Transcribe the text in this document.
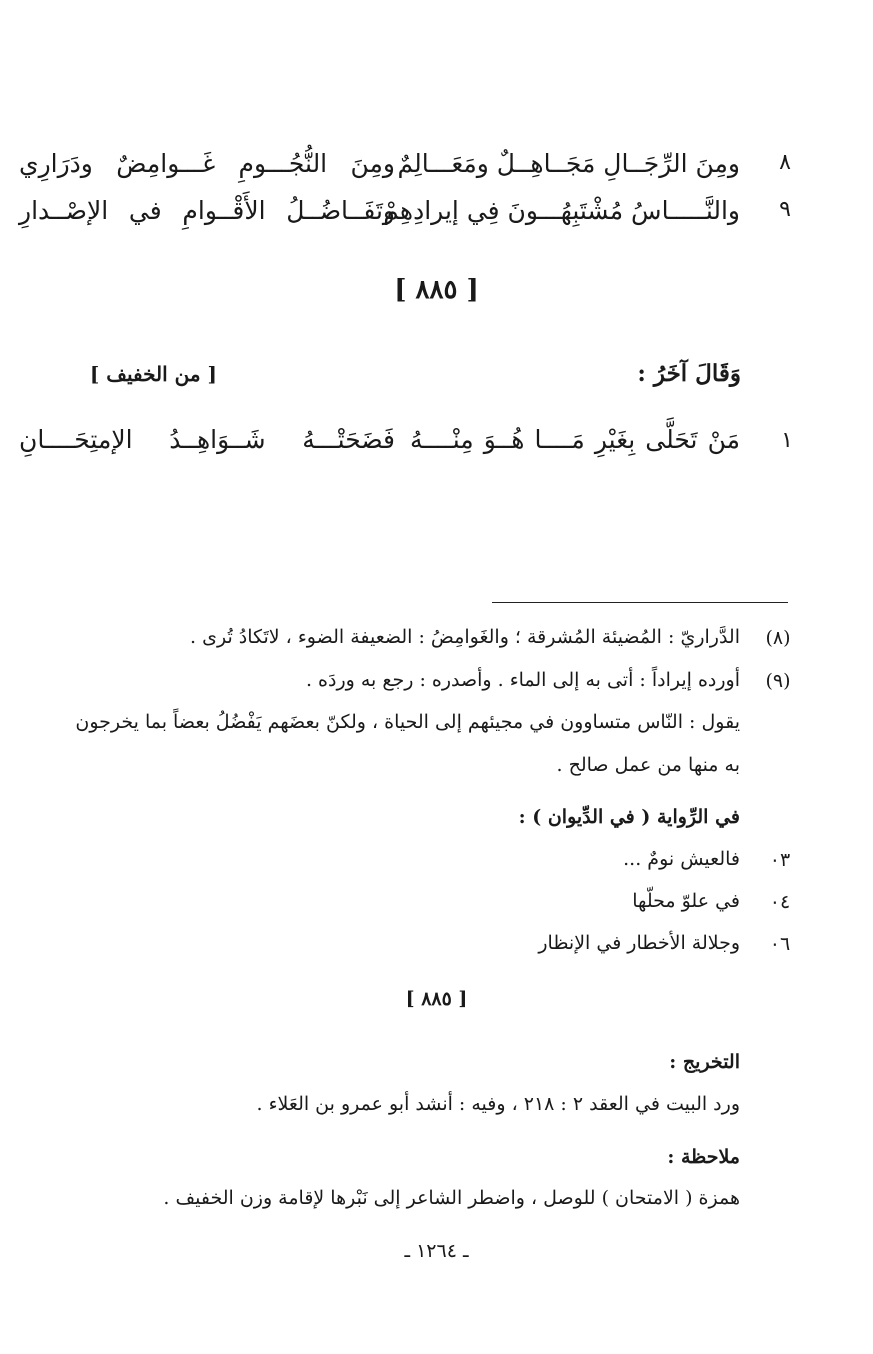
٨
ومِنَ الرِّجَــالِ مَجَــاهِــلٌ ومَعَـــالِمٌ
ومِنَ النُّجُـــومِ غَـــوامِضٌ ودَرَارِي
٩
والنَّـــــاسُ مُشْتَبِهُـــونَ فِي إيرادِهِمْ
وتَفَــاضُــلُ الأَقْــوامِ في الإصْــدارِ
[ ٨٨٥ ]
وَقَالَ آخَرُ :
[ من الخفيف ]
١
مَنْ تَحَلَّى بِغَيْرِ مَــــا هُــوَ مِنْــــهُ
فَضَحَتْـــهُ شَــوَاهِــدُ الإمتِحَــــانِ
(٨)
الدَّراريّ : المُضيئة المُشرقة ؛ والغَوامِضُ : الضعيفة الضوء ، لاتَكادُ تُرى .
(٩)
أورده إيراداً : أتى به إلى الماء . وأصدره : رجع به وردَه .
يقول : النّاس متساوون في مجيئهم إلى الحياة ، ولكنّ بعضَهم يَفْضُلُ بعضاً بما يخرجون
به منها من عمل صالح .
في الرِّواية ( في الدِّيوان ) :
٠٣
فالعيش نومٌ ...
٠٤
في علوّ محلّها
٠٦
وجلالة الأخطار في الإنظار
[ ٨٨٥ ]
التخريج :
ورد البيت في العقد ٢ : ٢١٨ ، وفيه : أنشد أبو عمرو بن العَلاء .
ملاحظة :
همزة ( الامتحان ) للوصل ، واضطر الشاعر إلى نَبْرها لإقامة وزن الخفيف .
ـ ١٢٦٤ ـ
